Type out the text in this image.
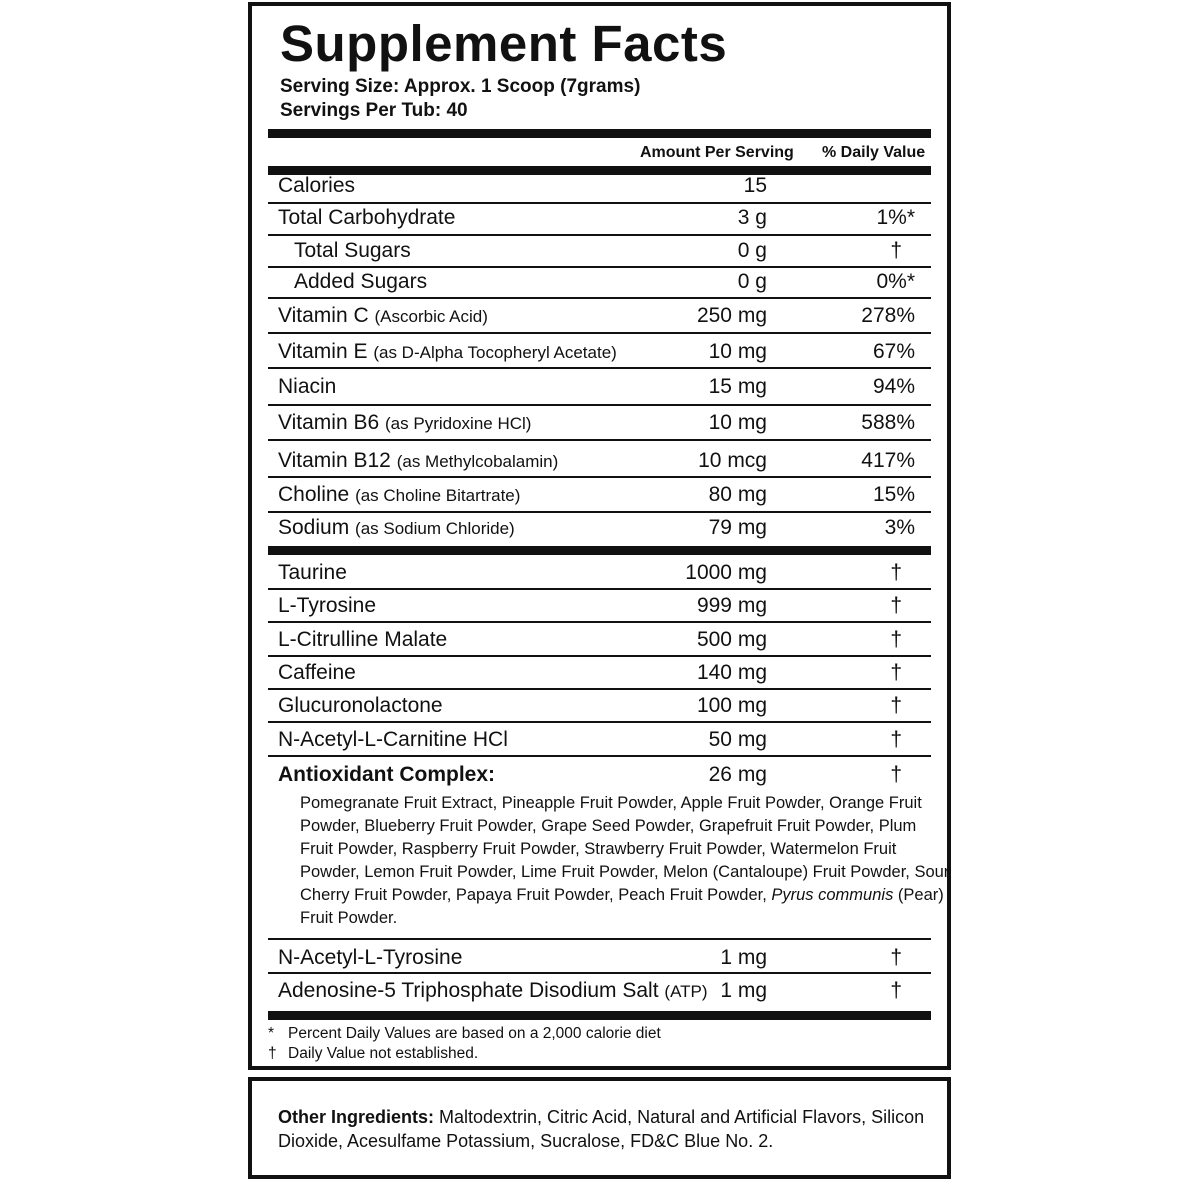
Supplement Facts
Serving Size: Approx. 1 Scoop (7grams)
Servings Per Tub: 40
Amount Per Serving % Daily Value
Calories	15
Total Carbohydrate	3 g	1%*
Total Sugars	0 g	†
Added Sugars	0 g	0%*
Vitamin C (Ascorbic Acid)	250 mg	278%
Vitamin E (as D-Alpha Tocopheryl Acetate)	10 mg	67%
Niacin	15 mg	94%
Vitamin B6 (as Pyridoxine HCl)	10 mg	588%
Vitamin B12 (as Methylcobalamin)	10 mcg	417%
Choline (as Choline Bitartrate)	80 mg	15%
Sodium (as Sodium Chloride)	79 mg	3%
Taurine	1000 mg	†
L-Tyrosine	999 mg	†
L-Citrulline Malate	500 mg	†
Caffeine	140 mg	†
Glucuronolactone	100 mg	†
N-Acetyl-L-Carnitine HCl	50 mg	†
Antioxidant Complex:	26 mg	†
Pomegranate Fruit Extract, Pineapple Fruit Powder, Apple Fruit Powder, Orange Fruit Powder, Blueberry Fruit Powder, Grape Seed Powder, Grapefruit Fruit Powder, Plum Fruit Powder, Raspberry Fruit Powder, Strawberry Fruit Powder, Watermelon Fruit Powder, Lemon Fruit Powder, Lime Fruit Powder, Melon (Cantaloupe) Fruit Powder, Sour Cherry Fruit Powder, Papaya Fruit Powder, Peach Fruit Powder, Pyrus communis (Pear) Fruit Powder.
N-Acetyl-L-Tyrosine	1 mg	†
Adenosine-5 Triphosphate Disodium Salt (ATP) 1 mg	†
* Percent Daily Values are based on a 2,000 calorie diet
† Daily Value not established.
Other Ingredients: Maltodextrin, Citric Acid, Natural and Artificial Flavors, Silicon Dioxide, Acesulfame Potassium, Sucralose, FD&C Blue No. 2.
